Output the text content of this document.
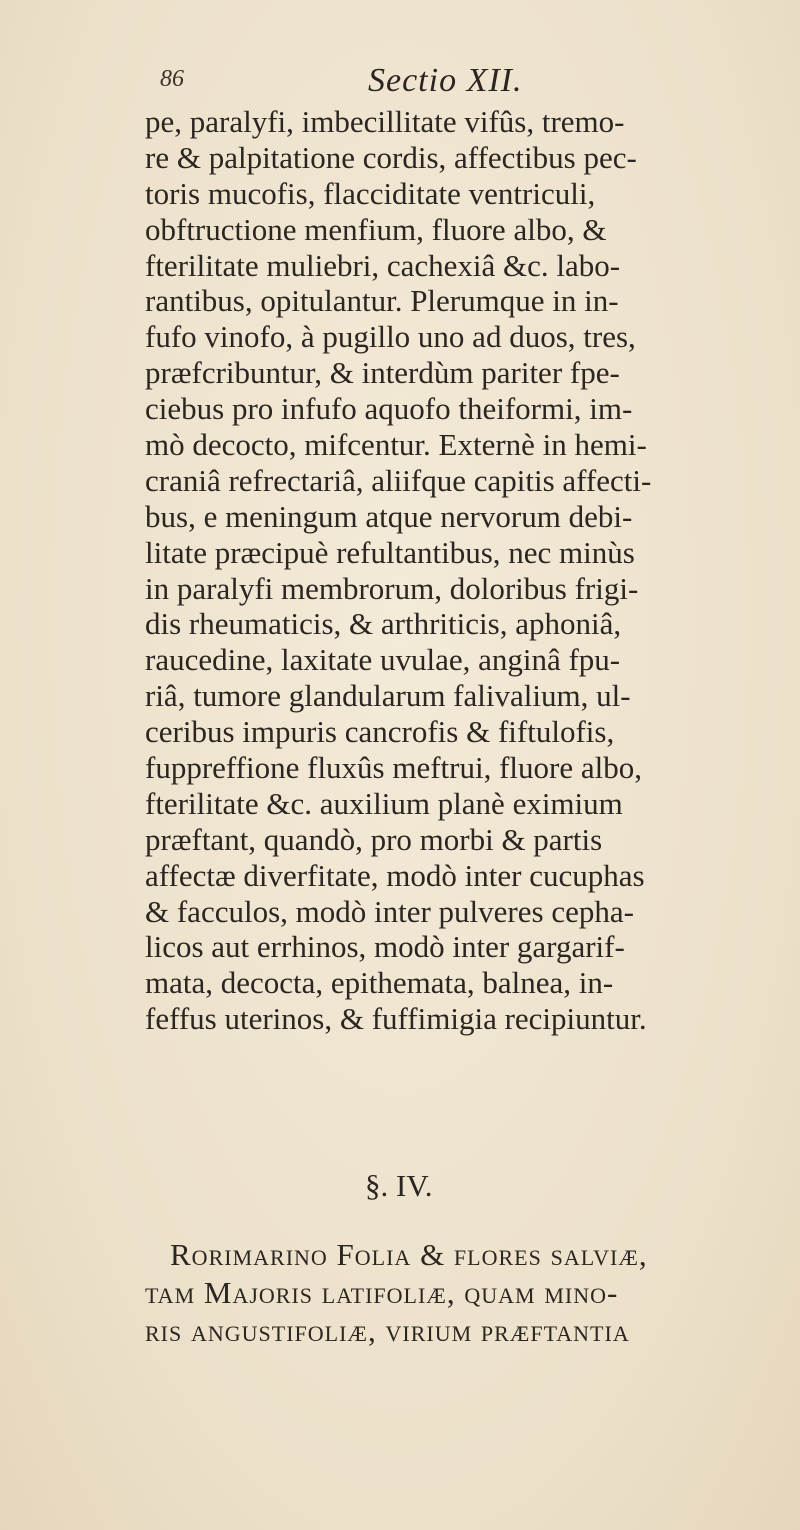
86	Sectio XII.
pe, paralyfi, imbecillitate vifûs, tremo-
re & palpitatione cordis, affectibus pec-
toris mucofis, flacciditate ventriculi,
obftructione menfium, fluore albo, &
fterilitate muliebri, cachexiâ &c. labo-
rantibus, opitulantur. Plerumque in in-
fufo vinofo, à pugillo uno ad duos, tres,
præfcribuntur, & interdùm pariter fpe-
ciebus pro infufo aquofo theiformi, im-
mò decocto, mifcentur. Externè in hemi-
craniâ refrectariâ, aliifque capitis affecti-
bus, e meningum atque nervorum debi-
litate præcipuè refultantibus, nec minùs
in paralyfi membrorum, doloribus frigi-
dis rheumaticis, & arthriticis, aphoniâ,
raucedine, laxitate uvulae, anginâ fpu-
riâ, tumore glandularum falivalium, ul-
ceribus impuris cancrofis & fiftulofis,
fuppreffione fluxûs meftrui, fluore albo,
fterilitate &c. auxilium planè eximium
præftant, quandò, pro morbi & partis
affectæ diverfitate, modò inter cucuphas
& facculos, modò inter pulveres cepha-
licos aut errhinos, modò inter gargarif-
mata, decocta, epithemata, balnea, in-
feffus uterinos, & fuffimigia recipiuntur.
§. IV.
Rorimarino Folia & flores salviæ,
tam Majoris latifoliæ, quam mino-
ris angustifoliæ, virium præftantia
